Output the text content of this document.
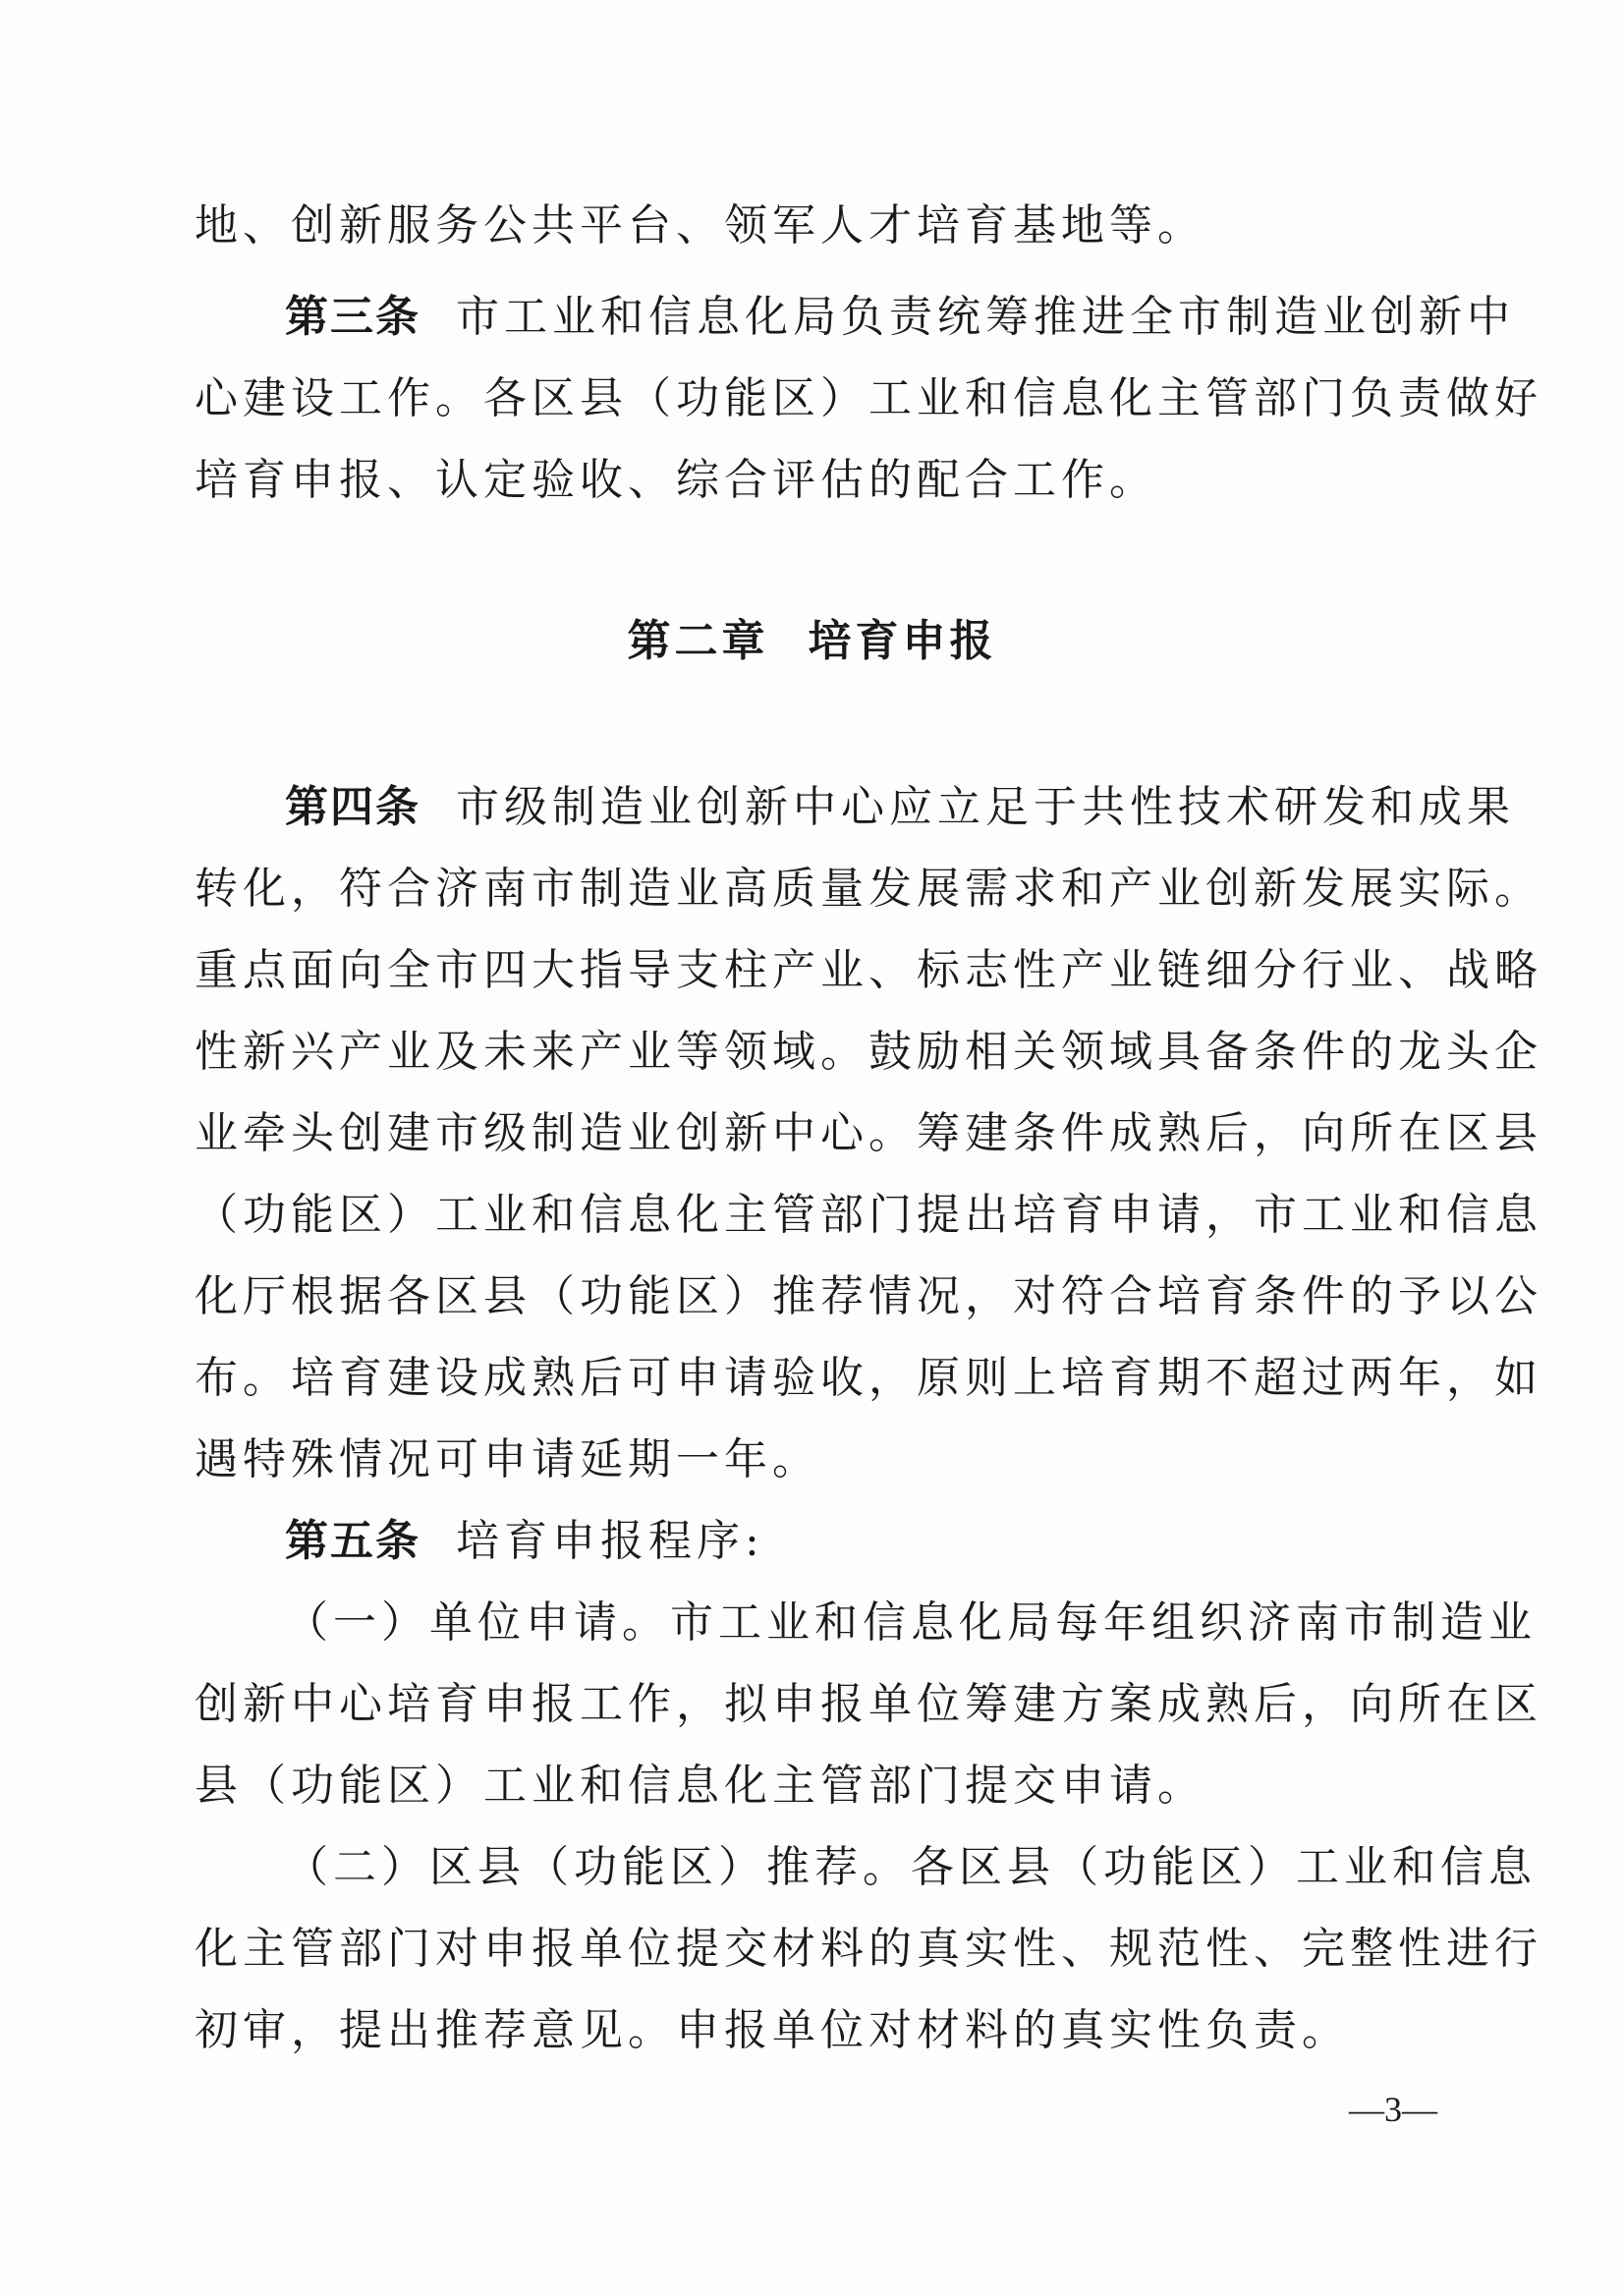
地、创新服务公共平台、领军人才培育基地等。
第三条 市工业和信息化局负责统筹推进全市制造业创新中
心建设工作。各区县（功能区）工业和信息化主管部门负责做好
培育申报、认定验收、综合评估的配合工作。
第二章 培育申报
第四条 市级制造业创新中心应立足于共性技术研发和成果
转化，符合济南市制造业高质量发展需求和产业创新发展实际。
重点面向全市四大指导支柱产业、标志性产业链细分行业、战略
性新兴产业及未来产业等领域。鼓励相关领域具备条件的龙头企
业牵头创建市级制造业创新中心。筹建条件成熟后，向所在区县
（功能区）工业和信息化主管部门提出培育申请，市工业和信息
化厅根据各区县（功能区）推荐情况，对符合培育条件的予以公
布。培育建设成熟后可申请验收，原则上培育期不超过两年，如
遇特殊情况可申请延期一年。
第五条 培育申报程序:
（一）单位申请。市工业和信息化局每年组织济南市制造业
创新中心培育申报工作，拟申报单位筹建方案成熟后，向所在区
县（功能区）工业和信息化主管部门提交申请。
（二）区县（功能区）推荐。各区县（功能区）工业和信息
化主管部门对申报单位提交材料的真实性、规范性、完整性进行
初审，提出推荐意见。申报单位对材料的真实性负责。
—3—
